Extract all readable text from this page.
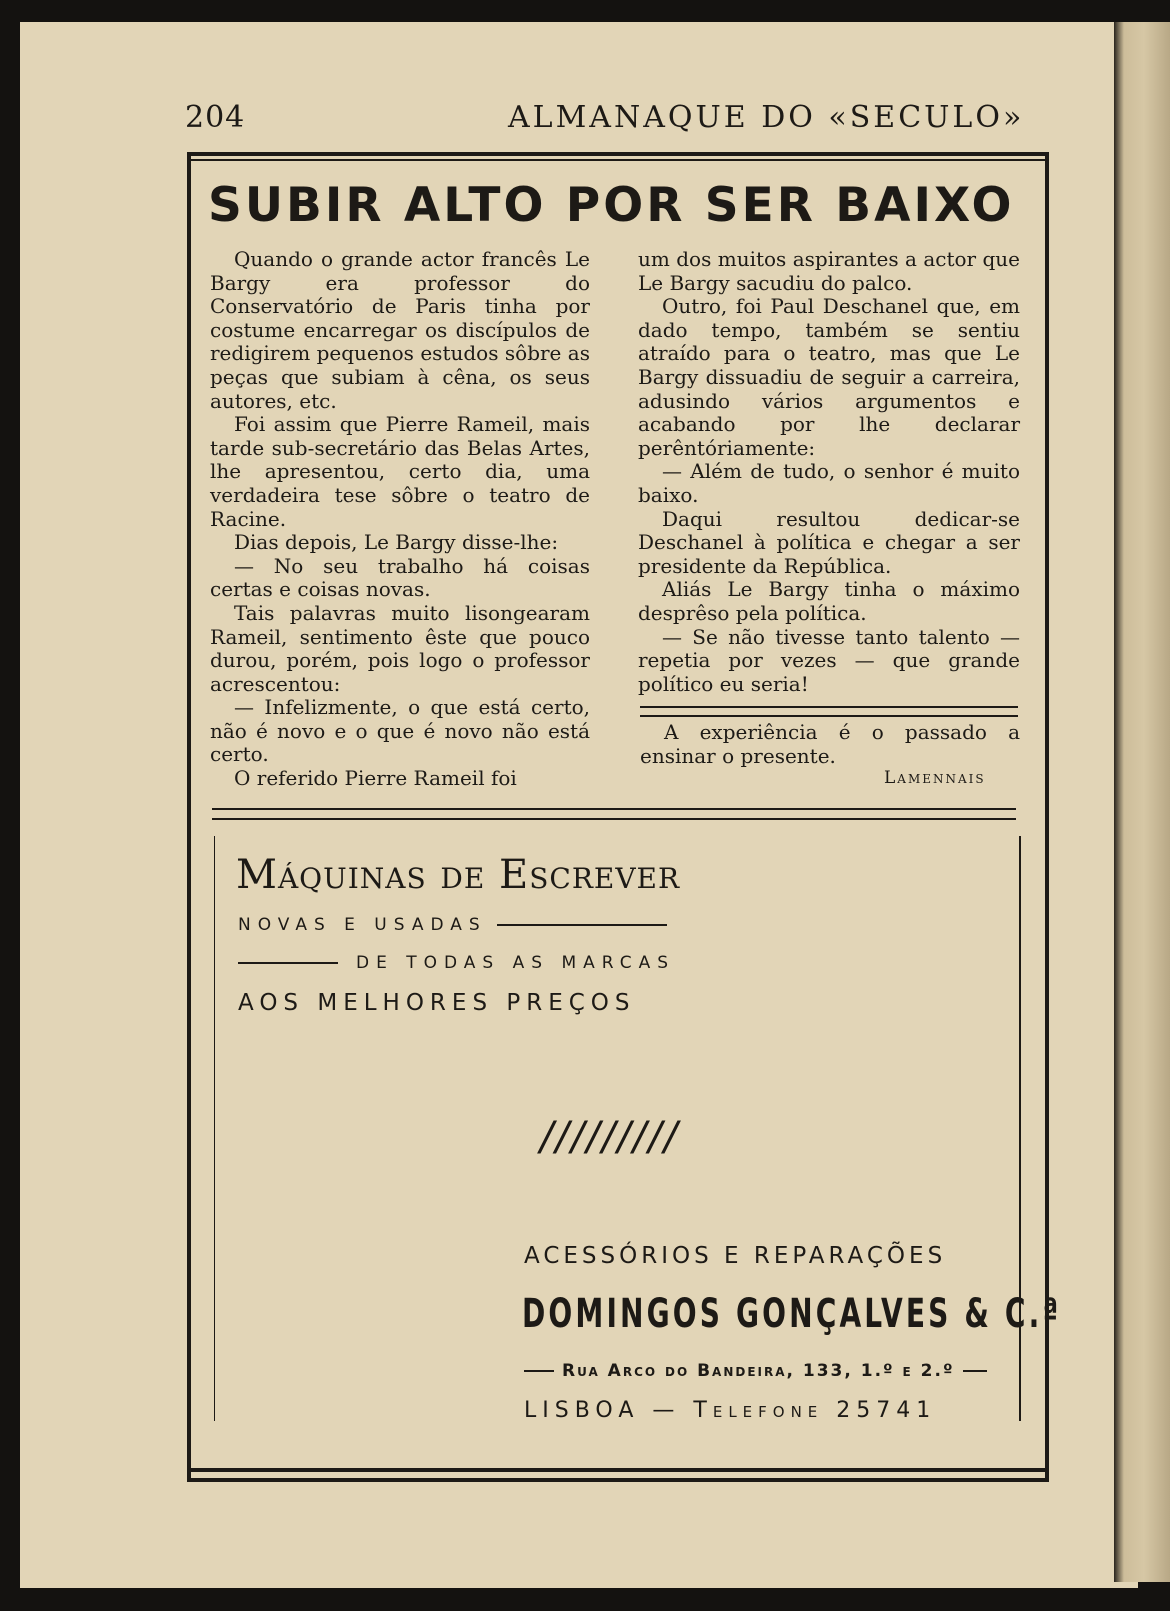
204	ALMANAQUE DO «SECULO»
SUBIR ALTO POR SER BAIXO

Quando o grande actor francês Le Bargy era professor do Conservatório de Paris tinha por costume encarregar os discípulos de redigirem pequenos estudos sôbre as peças que subiam à cêna, os seus autores, etc.

Foi assim que Pierre Rameil, mais tarde sub-secretário das Belas Artes, lhe apresentou, certo dia, uma verdadeira tese sôbre o teatro de Racine.

Dias depois, Le Bargy disse-lhe:

— No seu trabalho há coisas certas e coisas novas.

Tais palavras muito lisongearam Rameil, sentimento êste que pouco durou, porém, pois logo o professor acrescentou:

— Infelizmente, o que está certo, não é novo e o que é novo não está certo.

O referido Pierre Rameil foi

um dos muitos aspirantes a actor que Le Bargy sacudiu do palco.

Outro, foi Paul Deschanel que, em dado tempo, também se sentiu atraído para o teatro, mas que Le Bargy dissuadiu de seguir a carreira, adusindo vários argumentos e acabando por lhe declarar perêntóriamente:

— Além de tudo, o senhor é muito baixo.

Daqui resultou dedicar-se Deschanel à política e chegar a ser presidente da República.

Aliás Le Bargy tinha o máximo desprêso pela política.

— Se não tivesse tanto talento — repetia por vezes — que grande político eu seria!

A experiência é o passado a ensinar o presente.

Lamennais
Máquinas de Escrever
NOVAS E USADAS
DE TODAS AS MARCAS
AOS MELHORES PREÇOS
/////////
ACESSÓRIOS E REPARAÇÕES
DOMINGOS GONÇALVES & C.ª
Rua Arco do Bandeira, 133, 1.º e 2.º
LISBOA — Telefone 25741
